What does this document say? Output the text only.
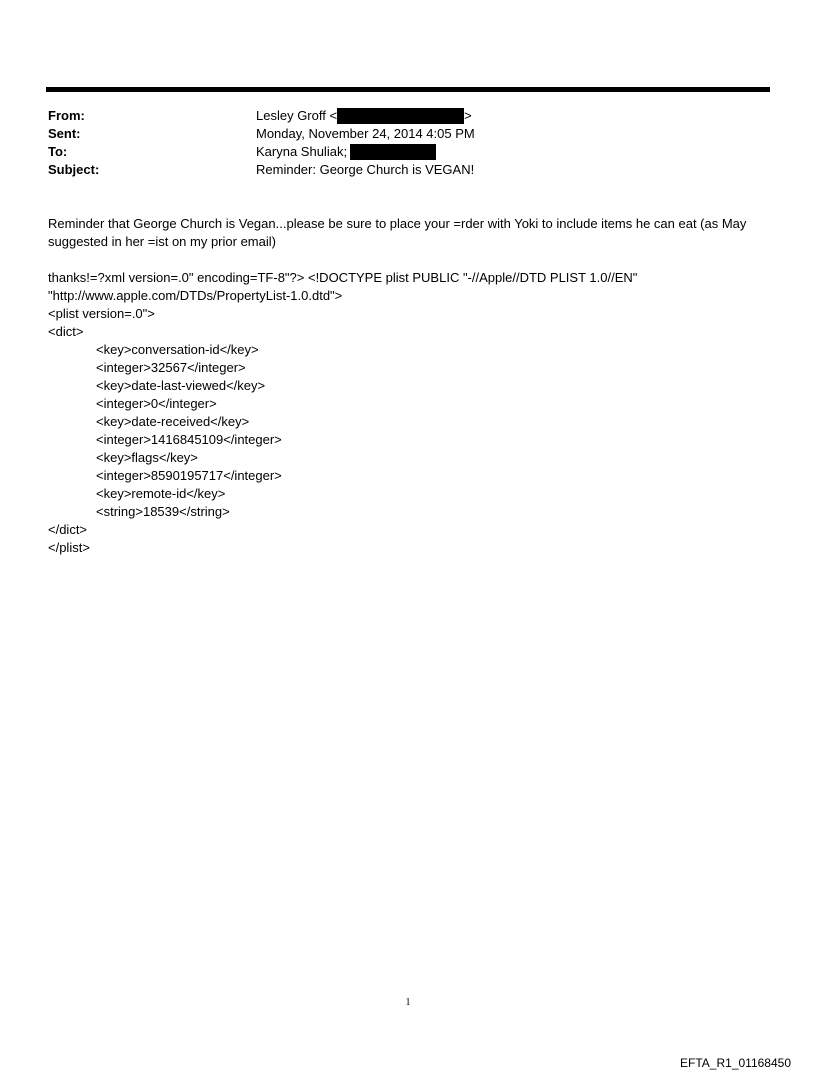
From:	Lesley Groff <	>
Sent:	Monday, November 24, 2014 4:05 PM
To:	Karyna Shuliak;
Subject:	Reminder: George Church is VEGAN!
Reminder that George Church is Vegan...please be sure to place your =rder with Yoki to include items he can eat (as May
suggested in her =ist on my prior email)
thanks!=?xml version=.0" encoding=TF-8"?> <!DOCTYPE plist PUBLIC "-//Apple//DTD PLIST 1.0//EN"
"http://www.apple.com/DTDs/PropertyList-1.0.dtd">
<plist version=.0">
<dict>
<key>conversation-id</key>
<integer>32567</integer>
<key>date-last-viewed</key>
<integer>0</integer>
<key>date-received</key>
<integer>1416845109</integer>
<key>flags</key>
<integer>8590195717</integer>
<key>remote-id</key>
<string>18539</string>
</dict>
</plist>
1
EFTA_R1_01168450
